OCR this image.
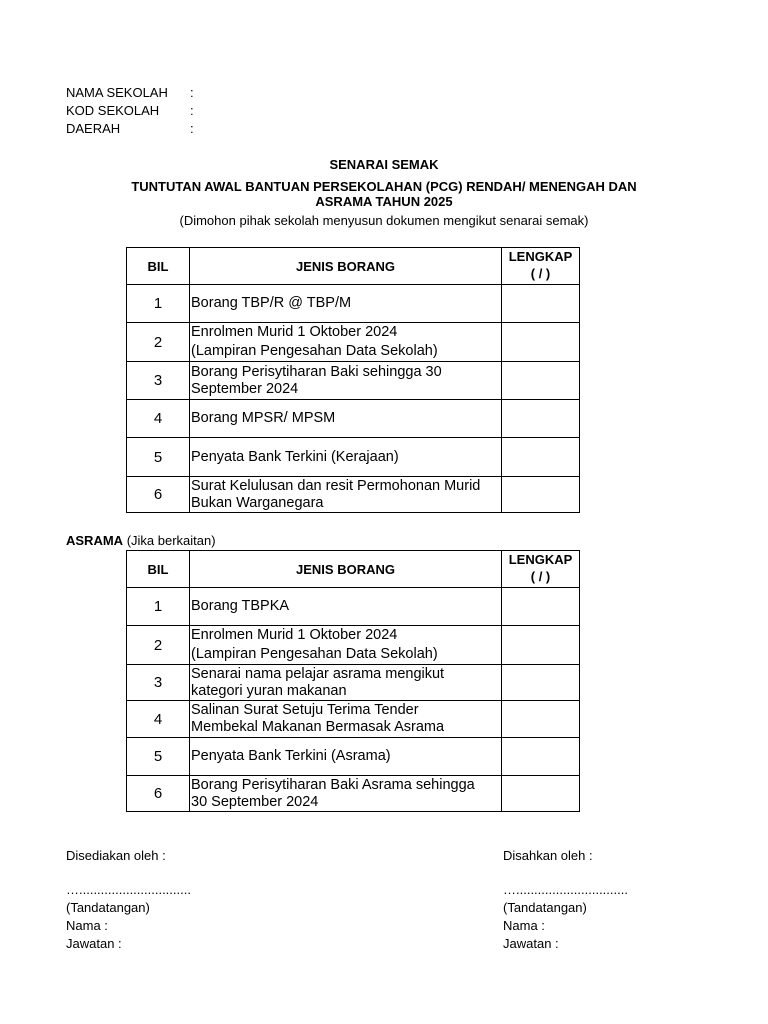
NAMA SEKOLAH :
KOD SEKOLAH :
DAERAH	:
SENARAI SEMAK
TUNTUTAN AWAL BANTUAN PERSEKOLAHAN (PCG) RENDAH/ MENENGAH DAN
ASRAMA TAHUN 2025
(Dimohon pihak sekolah menyusun dokumen mengikut senarai semak)
BIL	JENIS BORANG	LENGKAP
( / )

1	Borang TBP/R @ TBP/M	

2	Enrolmen Murid 1 Oktober 2024
(Lampiran Pengesahan Data Sekolah)	

3	Borang Perisytiharan Baki sehingga 30
September 2024	

4	Borang MPSR/ MPSM	

5	Penyata Bank Terkini (Kerajaan)	

6	Surat Kelulusan dan resit Permohonan Murid
Bukan Warganegara	

ASRAMA (Jika berkaitan)
BIL	JENIS BORANG	LENGKAP
( / )

1	Borang TBPKA	

2	Enrolmen Murid 1 Oktober 2024
(Lampiran Pengesahan Data Sekolah)	

3	Senarai nama pelajar asrama mengikut
kategori yuran makanan	

4	Salinan Surat Setuju Terima Tender
Membekal Makanan Bermasak Asrama	

5	Penyata Bank Terkini (Asrama)	

6	Borang Perisytiharan Baki Asrama sehingga
30 September 2024	

Disediakan oleh :
…...............................
(Tandatangan)
Nama :
Jawatan :
Disahkan oleh :
…...............................
(Tandatangan)
Nama :
Jawatan :
